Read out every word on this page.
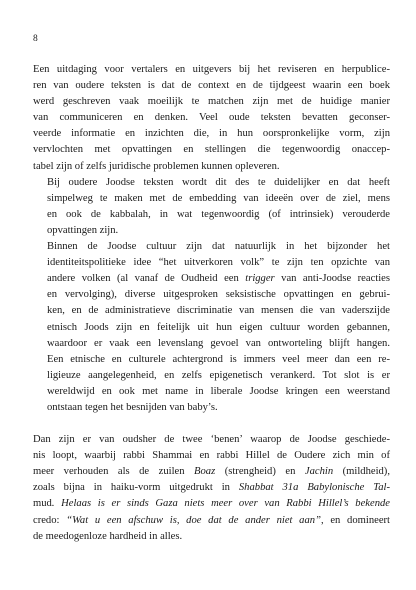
8

Een uitdaging voor vertalers en uitgevers bij het reviseren en herpublice-
ren van oudere teksten is dat de context en de tijdgeest waarin een boek
werd geschreven vaak moeilijk te matchen zijn met de huidige manier
van communiceren en denken. Veel oude teksten bevatten geconser-
veerde informatie en inzichten die, in hun oorspronkelijke vorm, zijn
vervlochten met opvattingen en stellingen die tegenwoordig onaccep-
tabel zijn of zelfs juridische problemen kunnen opleveren.

Bij oudere Joodse teksten wordt dit des te duidelijker en dat heeft
simpelweg te maken met de embedding van ideeën over de ziel, mens
en ook de kabbalah, in wat tegenwoordig (of intrinsiek) verouderde
opvattingen zijn.

Binnen de Joodse cultuur zijn dat natuurlijk in het bijzonder het
identiteitspolitieke idee “het uitverkoren volk” te zijn ten opzichte van
andere volken (al vanaf de Oudheid een trigger van anti-Joodse reacties
en vervolging), diverse uitgesproken seksistische opvattingen en gebrui-
ken, en de administratieve discriminatie van mensen die van vaderszijde
etnisch Joods zijn en feitelijk uit hun eigen cultuur worden gebannen,
waardoor er vaak een levenslang gevoel van ontworteling blijft hangen.
Een etnische en culturele achtergrond is immers veel meer dan een re-
ligieuze aangelegenheid, en zelfs epigenetisch verankerd. Tot slot is er
wereldwijd en ook met name in liberale Joodse kringen een weerstand
ontstaan tegen het besnijden van baby’s.

Dan zijn er van oudsher de twee ‘benen’ waarop de Joodse geschiede-
nis loopt, waarbij rabbi Shammai en rabbi Hillel de Oudere zich min of
meer verhouden als de zuilen Boaz (strengheid) en Jachin (mildheid),
zoals bijna in haiku-vorm uitgedrukt in Shabbat 31a Babylonische Tal-
mud. Helaas is er sinds Gaza niets meer over van Rabbi Hillel’s bekende
credo: “Wat u een afschuw is, doe dat de ander niet aan”, en domineert
de meedogenloze hardheid in alles.
